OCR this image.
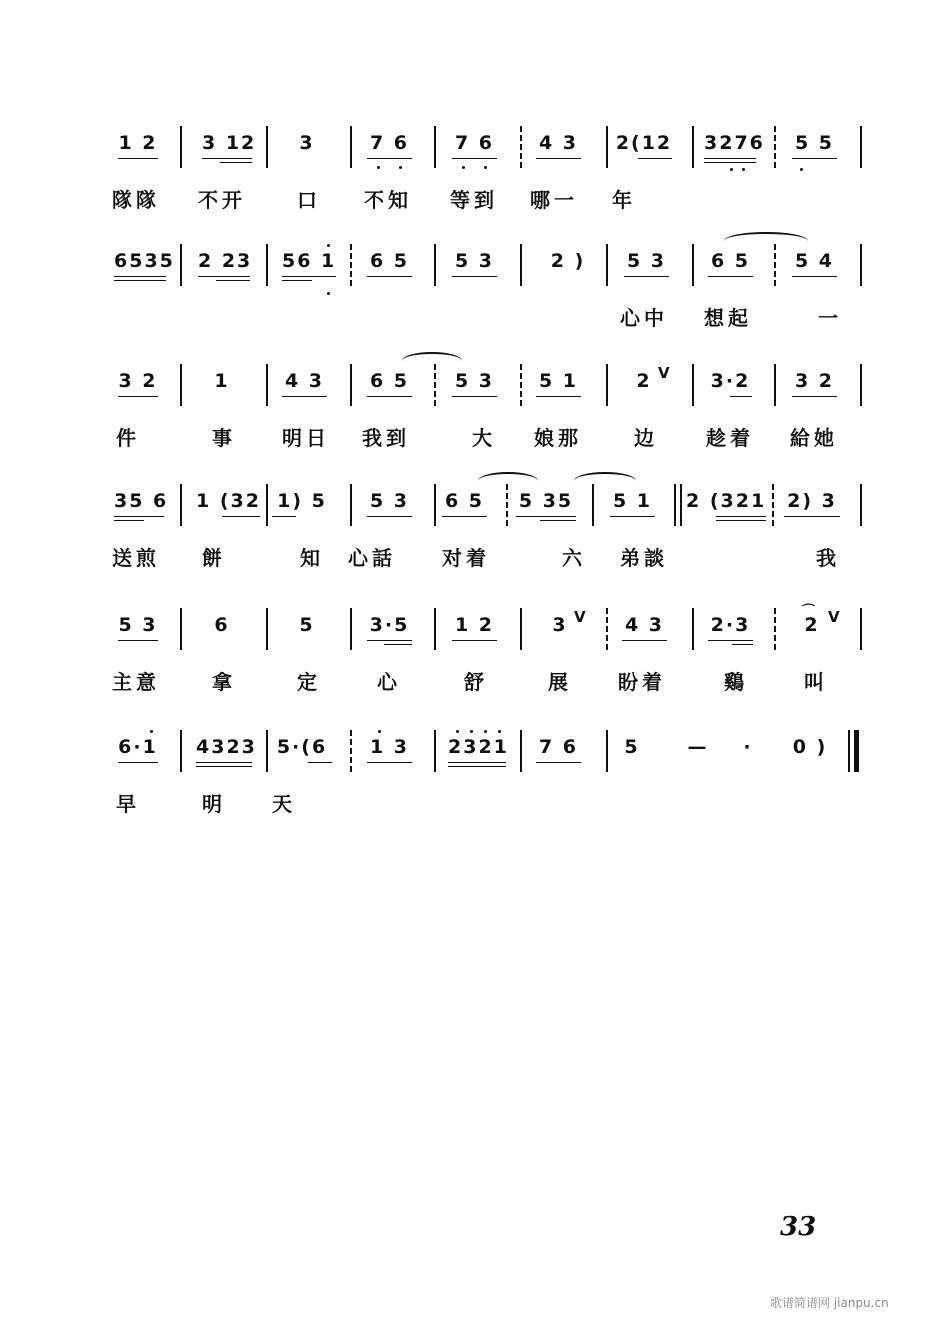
1 2 3 12 3	7 6 7 6 4 3 2(12 3276 5 5
隊隊 不开	口 不知 等到 哪一 年
6535 2 23 56 1 6 5 5 3	2 ) 5 3 6 5 5 4
心中 想起	一
3 2	1	4 3 6 5 5 3 5 1	2 V 3·2 3 2
件	事 明日 我到	大 娘那	边 趁着 給她
35 6 1 (32 1) 5 5 3 6 5 5 35 5 1 2 (321 2) 3
送煎 餅	知 心話 对着	六 弟談	我
5 3	6	5	3·5 1 2	3 V 4 3 2·3	2
⌒ V
主意	拿	定	心	舒	展 盼着	鷄	叫
6·1 4323 5·(6 1 3 2321 7 6 5	—	· 0 )
早	明 天
33
歌谱简谱网 jianpu.cn
